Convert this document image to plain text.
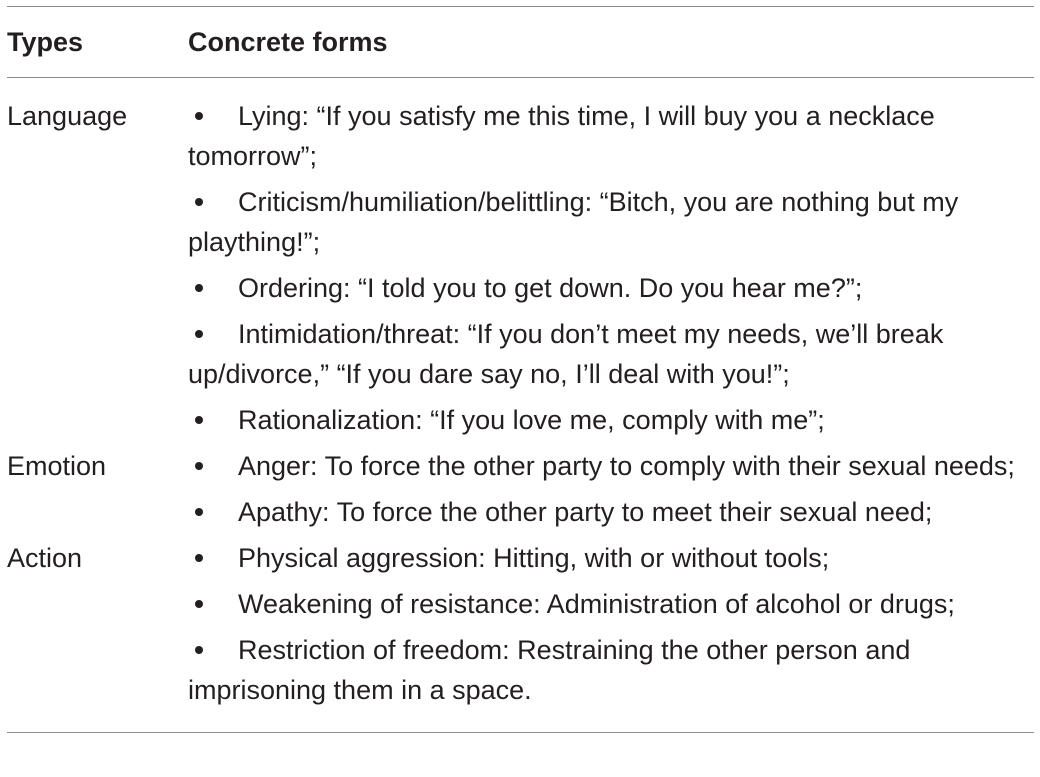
Types	Concrete forms
Language	Lying: “If you satisfy me this time, I will buy you a necklace tomorrow”;
Criticism/humiliation/belittling: “Bitch, you are nothing but my plaything!”;
Ordering: “I told you to get down. Do you hear me?”;
Intimidation/threat: “If you don’t meet my needs, we’ll break up/divorce,” “If you dare say no, I’ll deal with you!”;
Rationalization: “If you love me, comply with me”;
Emotion	Anger: To force the other party to comply with their sexual needs;
Apathy: To force the other party to meet their sexual need;
Action	Physical aggression: Hitting, with or without tools;
Weakening of resistance: Administration of alcohol or drugs;
Restriction of freedom: Restraining the other person and imprisoning them in a space.
